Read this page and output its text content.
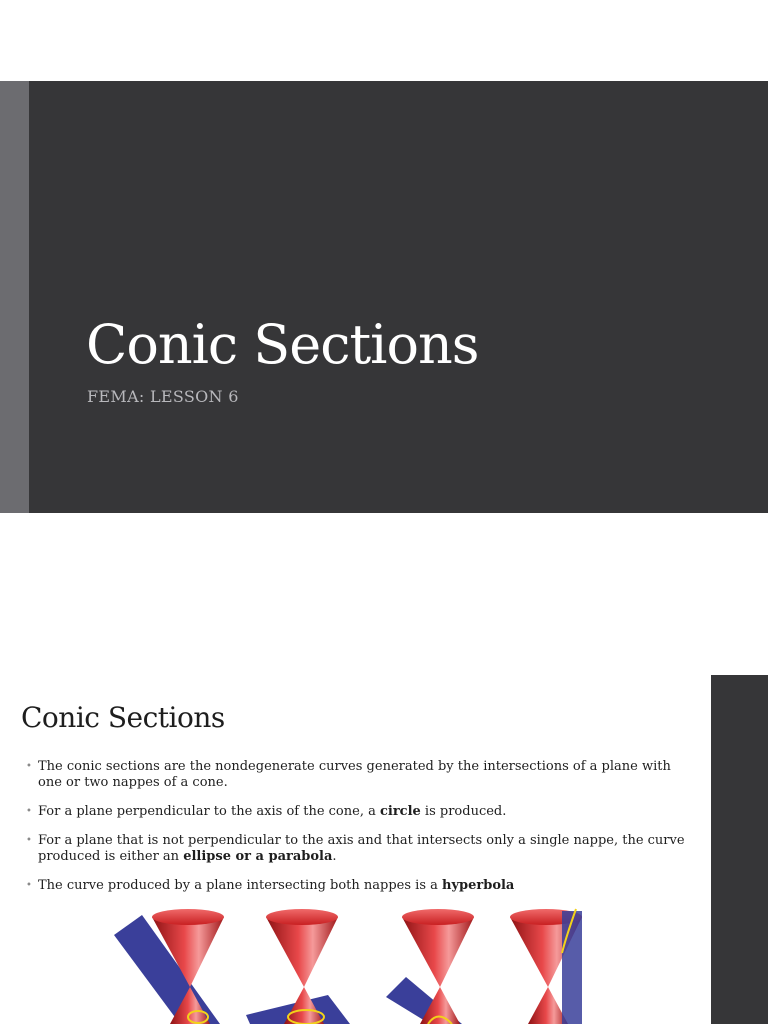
Conic Sections
FEMA: LESSON 6
Conic Sections
• The conic sections are the nondegenerate curves generated by the intersections of a plane with one or two nappes of a cone.
• For a plane perpendicular to the axis of the cone, a circle is produced.
• For a plane that is not perpendicular to the axis and that intersects only a single nappe, the curve produced is either an ellipse or a parabola.
• The curve produced by a plane intersecting both nappes is a hyperbola
